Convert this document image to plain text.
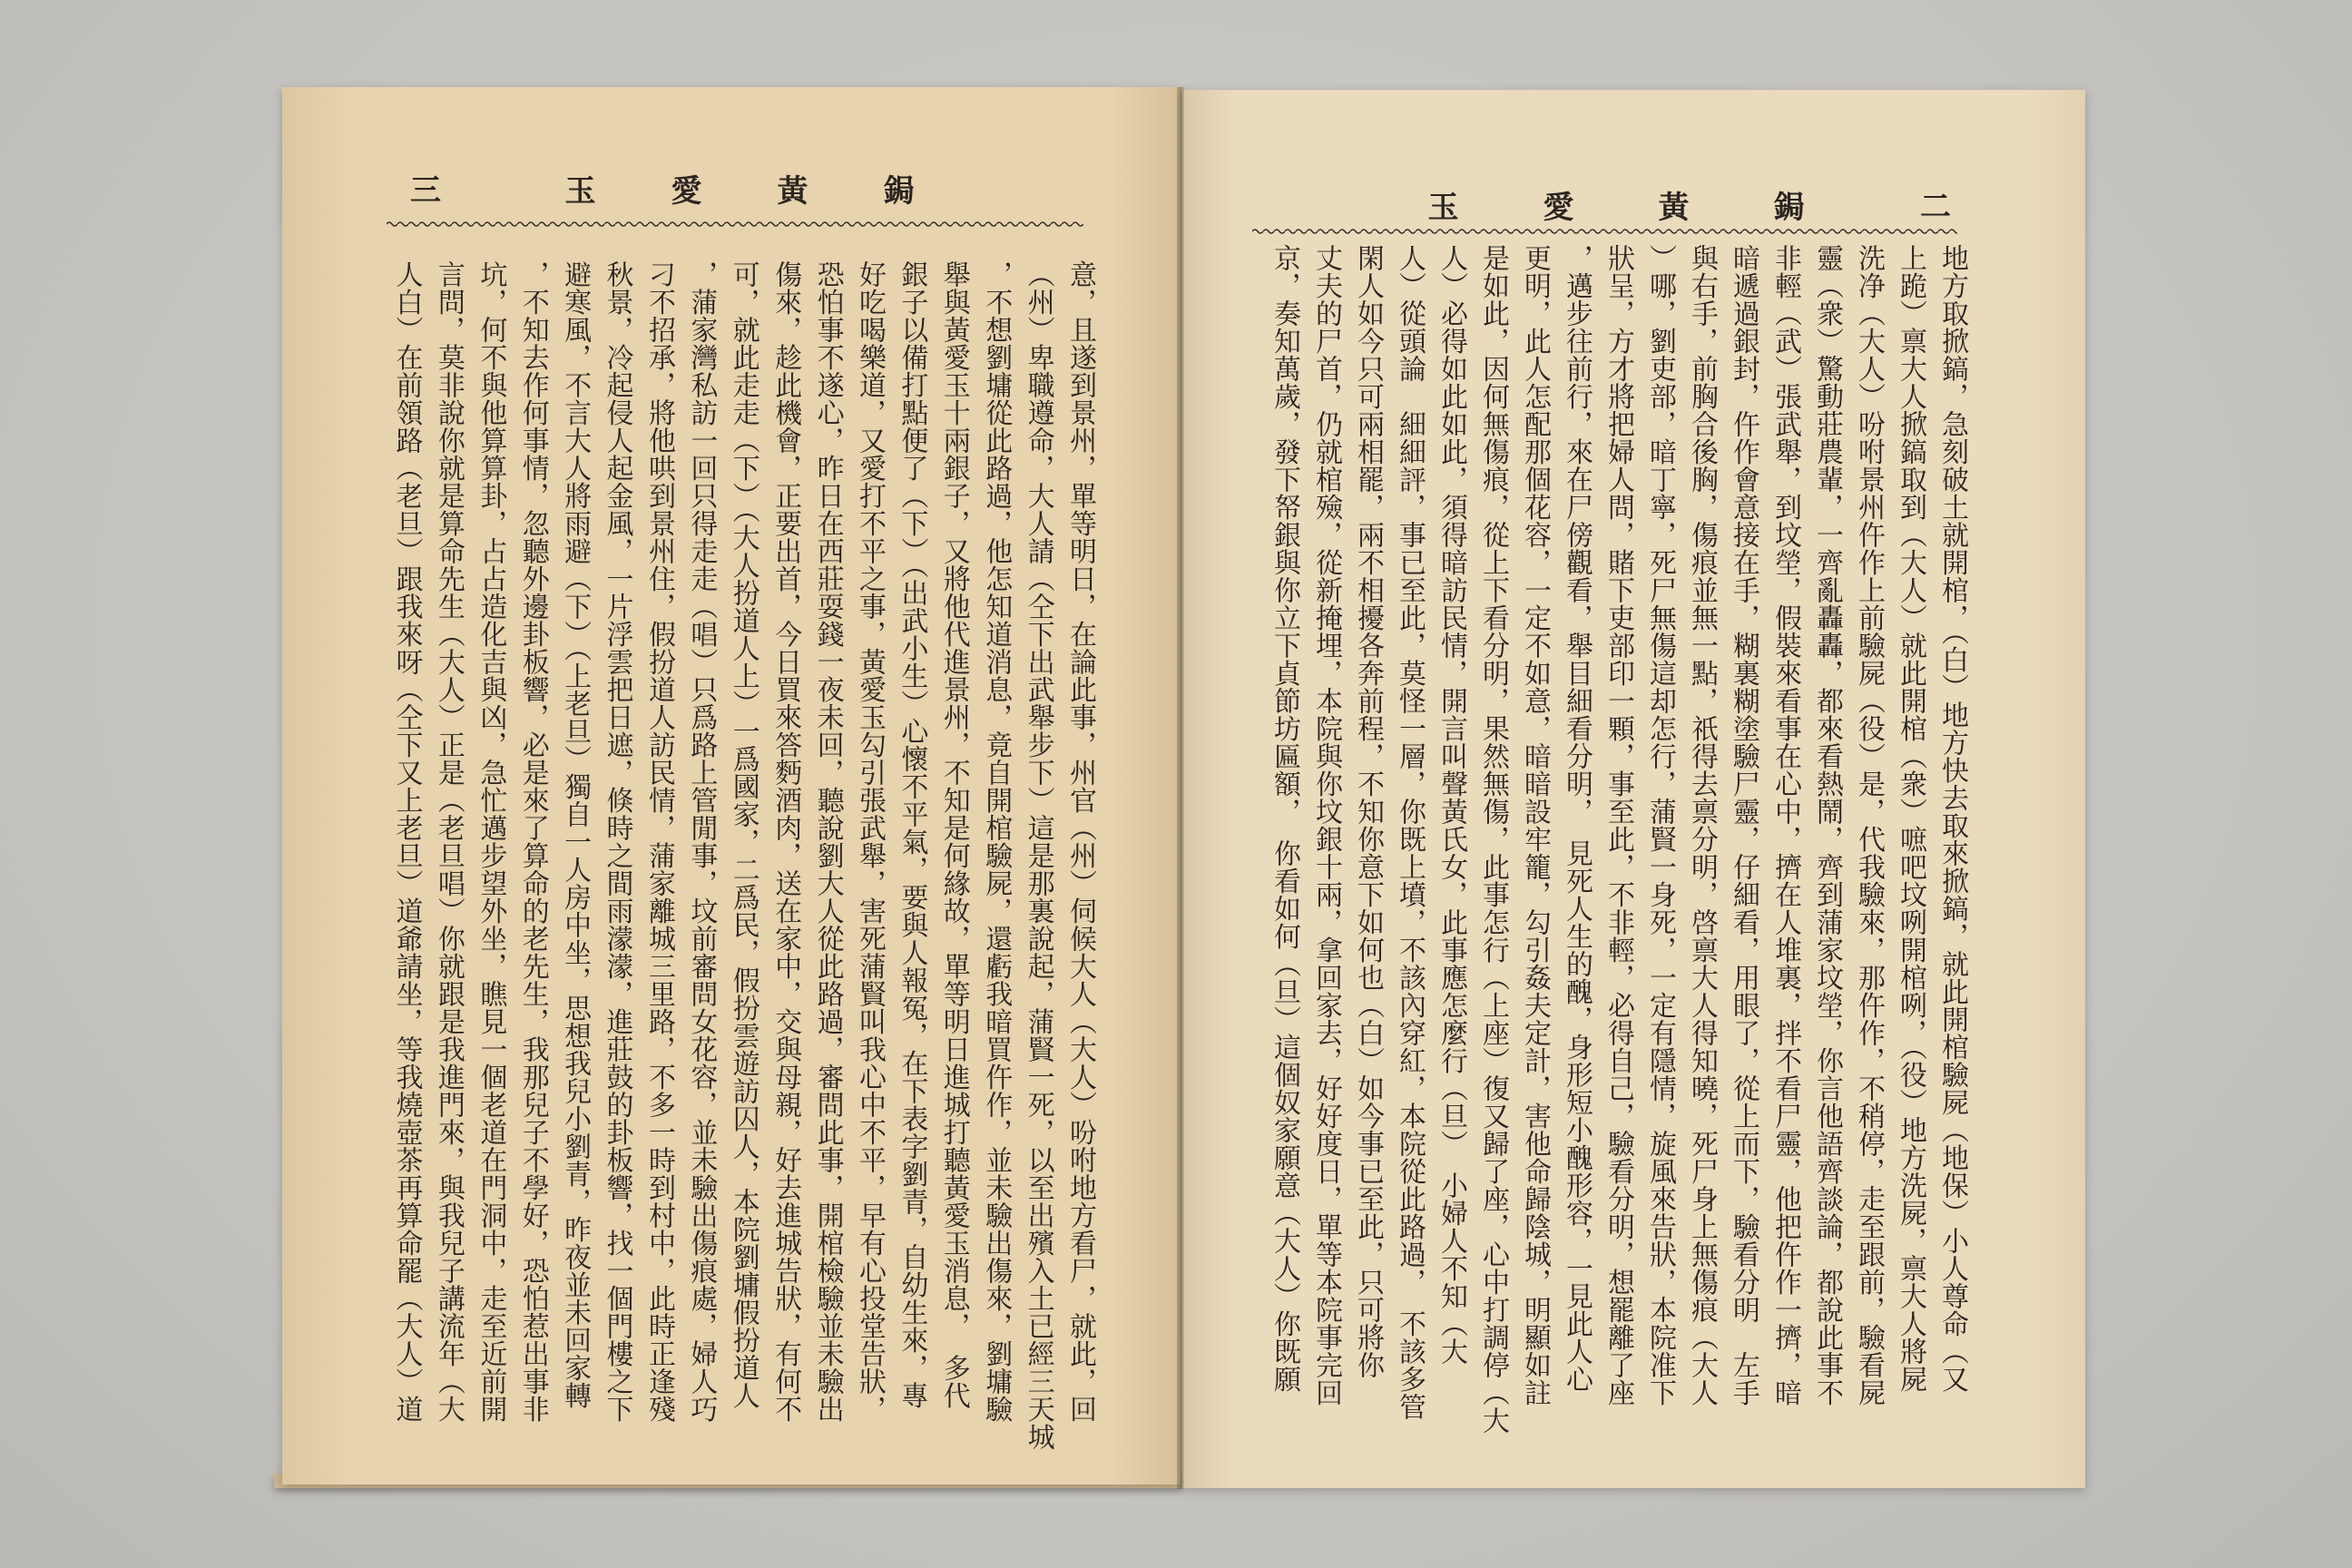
三	鋦黃愛玉
意，且遂到景州，單等明日，在論此事，州官（州）伺候大人（大人）吩咐地方看尸，就此，回
（州）卑職遵命，大人請（仝下出武舉步下）這是那裏說起，蒲賢一死，以至出殯入土已經三天城
，不想劉墉從此路過，他怎知道消息，竟自開棺驗屍，還虧我暗買仵作，並未驗出傷來，劉墉驗
舉與黃愛玉十兩銀子，又將他代進景州，不知是何緣故，單等明日進城打聽黃愛玉消息，　多代
銀子以備打點便了（下）（出武小生）心懷不平氣，要與人報冤，在下表字劉青，自幼生來，專
好吃喝樂道，又愛打不平之事，黃愛玉勾引張武舉，害死蒲賢叫我心中不平，早有心投堂告狀，
恐怕事不遂心，昨日在西莊耍錢一夜未回，聽說劉大人從此路過，審問此事，開棺檢驗並未驗出
傷來，趁此機會，正要出首，今日買來答麪酒肉，送在家中，交與母親，好去進城告狀，有何不
可，就此走走（下）（大人扮道人上）一爲國家，二爲民，假扮雲遊訪囚人，本院劉墉假扮道人
，蒲家灣私訪一回只得走走（唱）只爲路上管閒事，坟前審問女花容，並未驗出傷痕處，婦人巧
刁不招承，將他哄到景州住，假扮道人訪民情，蒲家離城三里路，不多一時到村中，此時正逢殘
秋景，冷起侵人起金風，一片浮雲把日遮，倏時之間雨濛濛，進莊鼓的卦板響，找一個門樓之下
避寒風，不言大人將雨避（下）（上老旦）獨自一人房中坐，思想我兒小劉青，昨夜並未回家轉
，不知去作何事情，忽聽外邊卦板響，必是來了算命的老先生，我那兒子不學好，恐怕惹出事非
坑，何不與他算算卦，占占造化吉與凶，急忙邁步望外坐，瞧見一個老道在門洞中，走至近前開
言問，莫非說你就是算命先生（大人）正是（老旦唱）你就跟是我進門來，與我兒子講流年（大
人白）在前領路（老旦）跟我來呀（仝下又上老旦）道爺請坐，等我燒壺茶再算命罷（大人）道
二
鋦黃愛玉
地方取掀鎬，急刻破土就開棺，（白）地方快去取來掀鎬，就此開棺驗屍（地保）小人尊命（又
上跪）禀大人掀鎬取到（大人）就此開棺（衆）嗻吧坟咧開棺咧，（役）地方洗屍，禀大人將屍
洗净（大人）吩咐景州仵作上前驗屍（役）是，代我驗來，那仵作，不稍停，走至跟前，驗看屍
靈（衆）驚動莊農輩，一齊亂轟轟，都來看熱鬧，齊到蒲家坟塋，你言他語齊談論，都說此事不
非輕（武）張武舉，到坟塋，假裝來看事在心中，擠在人堆裏，拌不看尸靈，他把仵作一擠，暗
暗遞過銀封，仵作會意接在手，糊裏糊塗驗尸靈，仔細看，用眼了，從上而下，驗看分明　左手
與右手，前胸合後胸，傷痕並無一點，祇得去禀分明，啓禀大人得知曉，死尸身上無傷痕（大人
）哪，劉吏部，暗丁寧，死尸無傷這却怎行，蒲賢一身死，一定有隱情，旋風來告狀，本院准下
狀呈，方才將把婦人問，賭下吏部印一顆，事至此，不非輕，必得自己，驗看分明，想罷離了座
，邁步往前行，來在尸傍觀看，舉目細看分明，　見死人生的醜，身形短小醜形容，一見此人心
更明，此人怎配那個花容，一定不如意，暗暗設牢籠，勾引姦夫定計，害他命歸陰城，明顯如註
是如此，因何無傷痕，從上下看分明，果然無傷，此事怎行（上座）復又歸了座，心中打調停（大
人）必得如此如此，須得暗訪民情，開言叫聲黃氏女，此事應怎麼行（旦）　小婦人不知（大
人）從頭論　細細評，事已至此，莫怪一層，你既上墳，不該內穿紅，本院從此路過，　不該多管
閑人如今只可兩相罷，兩不相擾各奔前程，不知你意下如何也（白）如今事已至此，只可將你
丈夫的尸首，仍就棺殮，從新掩埋，本院與你坟銀十兩，拿回家去，好好度日，單等本院事完回
京，奏知萬歲，發下帑銀與你立下貞節坊匾額，　你看如何（旦）這個奴家願意（大人）你既願
